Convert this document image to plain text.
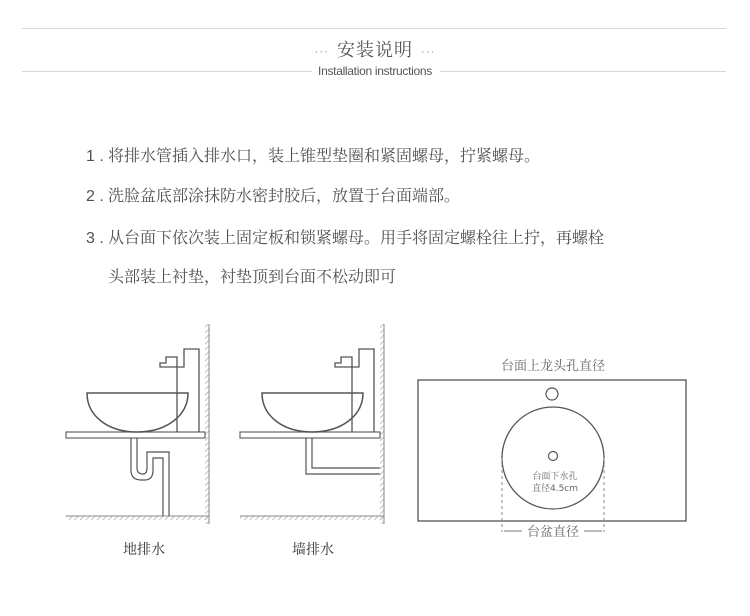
··· 安装说明 ···
Installation instructions

1 . 将排水管插入排水口，装上锥型垫圈和紧固螺母，拧紧螺母。

2 . 洗脸盆底部涂抹防水密封胶后，放置于台面端部。

3 . 从台面下依次装上固定板和锁紧螺母。用手将固定螺栓往上拧，再螺栓

头部装上衬垫，衬垫顶到台面不松动即可

地排水	墙排水
台面上龙头孔直径
台面下水孔
直径4.5cm
台盆直径
